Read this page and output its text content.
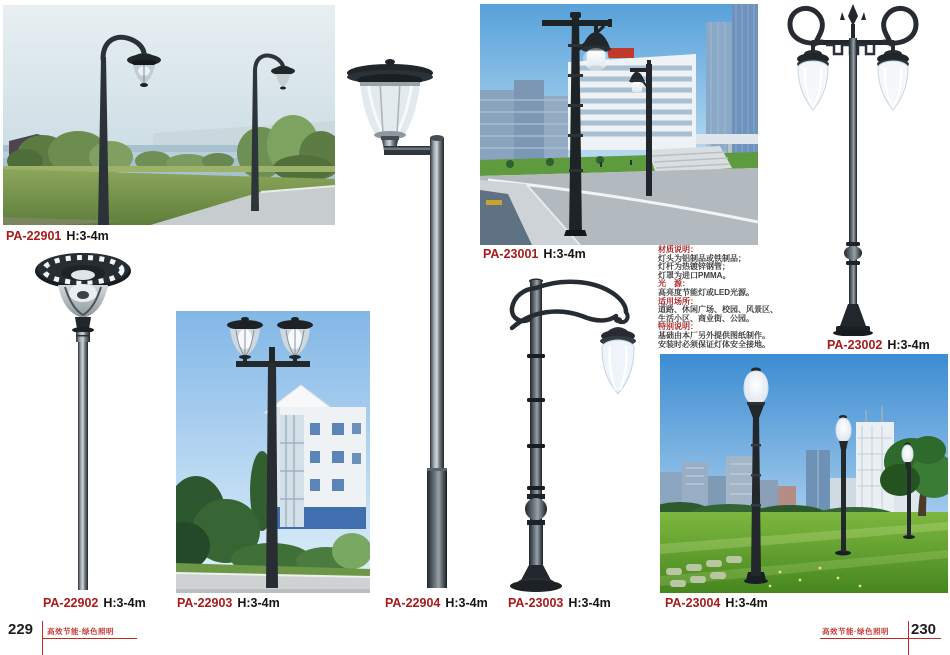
PA-22901 H:3-4m
PA-22902 H:3-4m	PA-22903 H:3-4m	PA-22904 H:3-4m
PA-23001 H:3-4m
PA-23002 H:3-4m
PA-23003 H:3-4m	PA-23004 H:3-4m
材质说明：
灯头为铝制品或铁制品；
灯杆为热镀锌钢管；
灯罩为进口PMMA。
光　源：
高亮度节能灯或LED光源。
适用场所：
道路、休闲广场、校园、风景区、
生活小区、商业街、公园。
特别说明：
基础由本厂另外提供图纸制作。
安装时必须保证灯体安全接地。
229 高效节能·绿色照明	高效节能·绿色照明 230
